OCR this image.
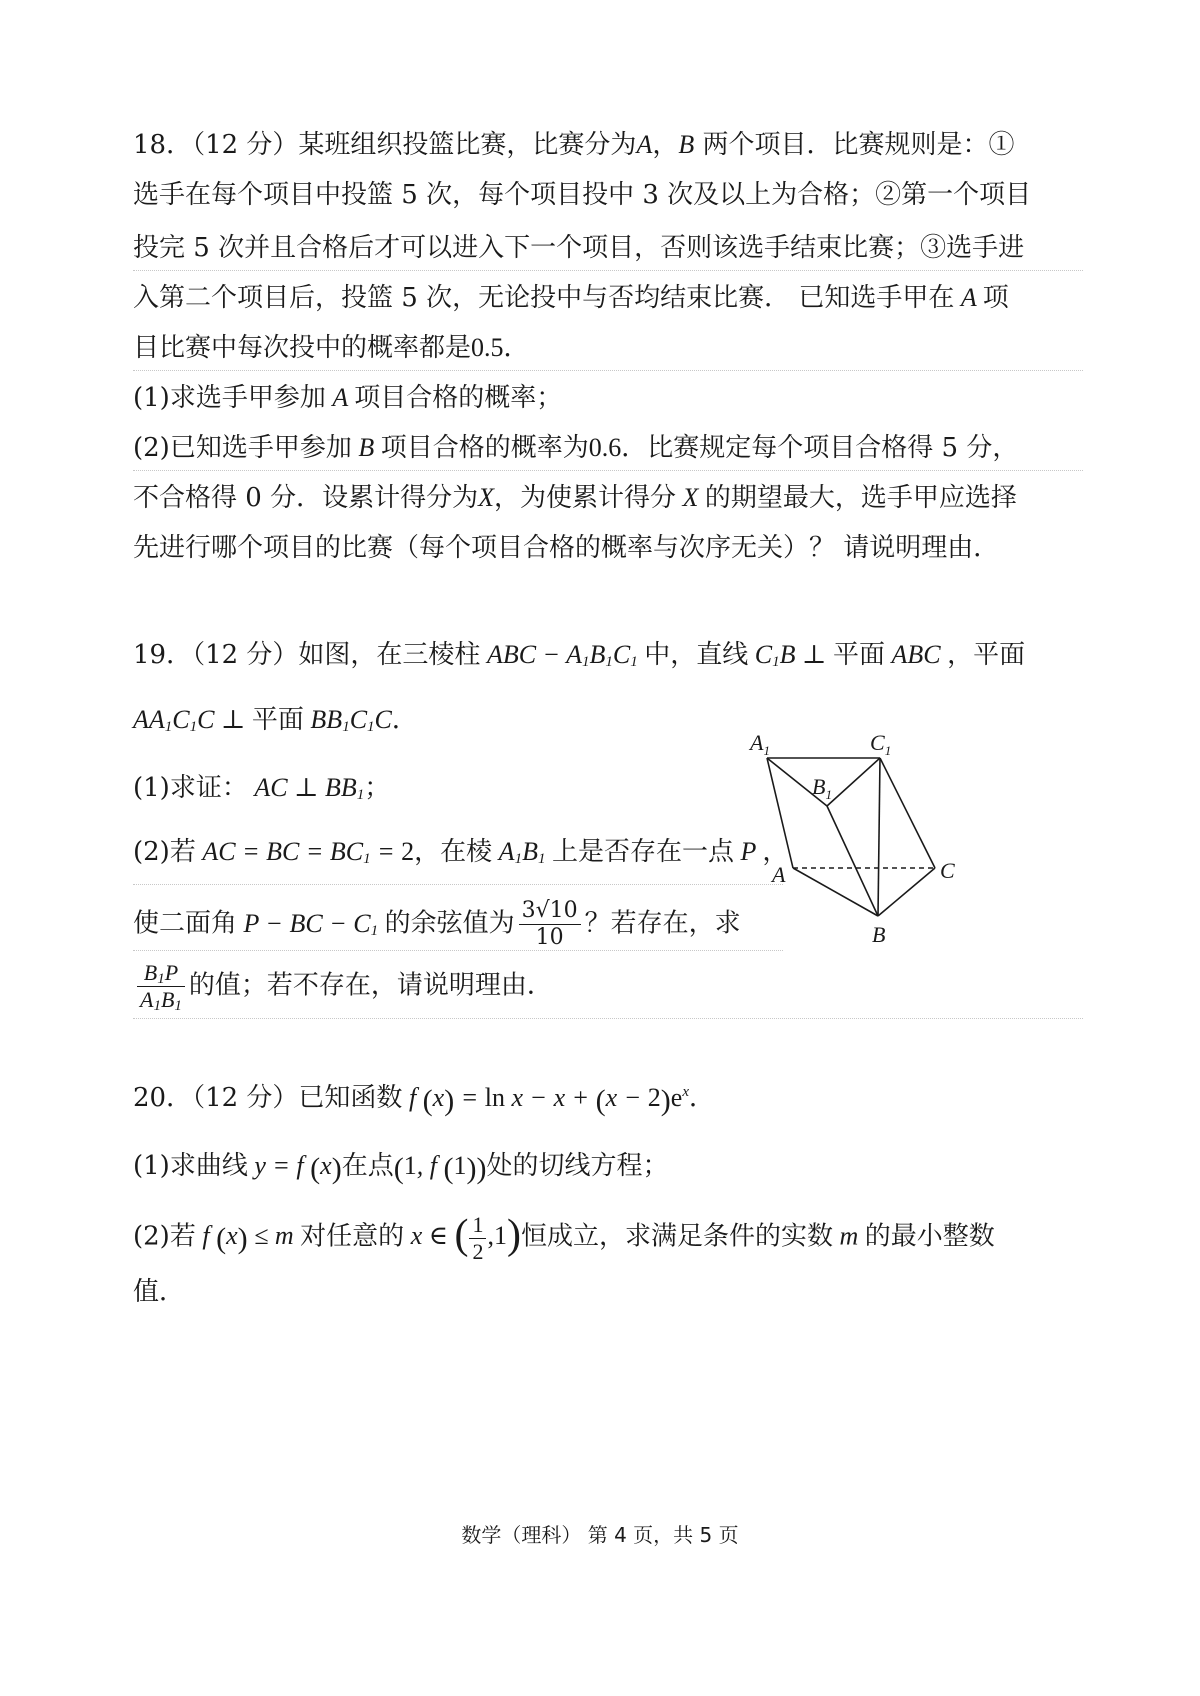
18．（12 分）某班组织投篮比赛，比赛分为A，B 两个项目．比赛规则是：①
选手在每个项目中投篮 5 次，每个项目投中 3 次及以上为合格；②第一个项目
投完 5 次并且合格后才可以进入下一个项目，否则该选手结束比赛；③选手进
入第二个项目后，投篮 5 次，无论投中与否均结束比赛． 已知选手甲在 A 项
目比赛中每次投中的概率都是0.5．
(1)求选手甲参加 A 项目合格的概率；
(2)已知选手甲参加 B 项目合格的概率为0.6．比赛规定每个项目合格得 5 分，
不合格得 0 分．设累计得分为X，为使累计得分 X 的期望最大，选手甲应选择
先进行哪个项目的比赛（每个项目合格的概率与次序无关）？ 请说明理由．
19．（12 分）如图，在三棱柱 ABC − $A_1B_1C_1$ 中，直线 $C_1B$ ⊥ 平面 ABC ，平面
$AA_1C_1C$ ⊥ 平面 $BB_1C_1C$．
(1)求证： AC ⊥ $BB_1$；
(2)若 AC = BC = $BC_1 = 2$，在棱 $A_1B_1$ 上是否存在一点 P ，
使二面角 P − BC − $C_1$ 的余弦值为 $\frac{3√10}{10}$ ？若存在，求
$\frac{B_1P}{A_1B_1}$ 的值；若不存在，请说明理由．
$A_1$	$C_1$
$B_1$
A	C
B
20．（12 分）已知函数 f $(x) = \ln x - x + (x - 2)e^x$．
(1)求曲线 y = f (x)在点(1, f (1))处的切线方程；
(2)若 f (x) ≤ m 对任意的 x ∈ ( $\frac{1}{2} ,1$)恒成立，求满足条件的实数 m 的最小整数
值．
数学（理科） 第 4 页，共 5 页
